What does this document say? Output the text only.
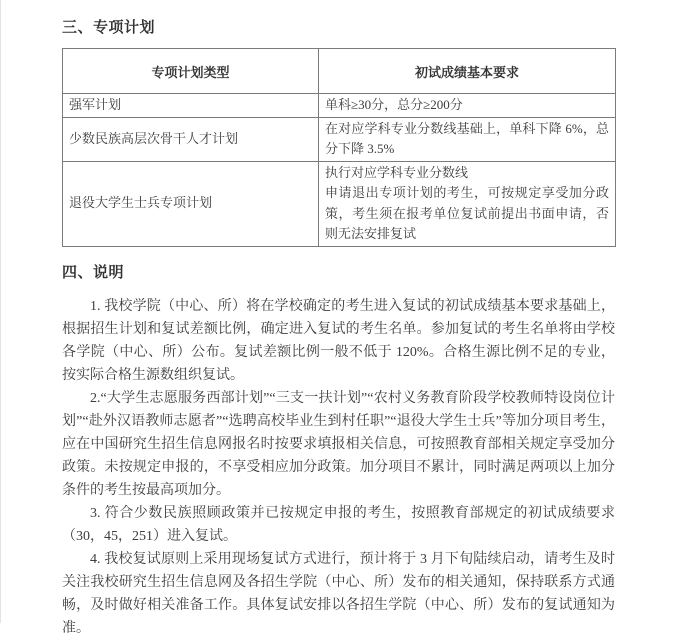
三、专项计划
专项计划类型	初试成绩基本要求
强军计划	单科≥30分，总分≥200分
少数民族高层次骨干人才计划	在对应学科专业分数线基础上，单科下降 6%，总分下降 3.5%
退役大学生士兵专项计划	执行对应学科专业分数线
申请退出专项计划的考生，可按规定享受加分政策，考生须在报考单位复试前提出书面申请，否则无法安排复试
四、说明

1. 我校学院（中心、所）将在学校确定的考生进入复试的初试成绩基本要求基础上，根据招生计划和复试差额比例，确定进入复试的考生名单。参加复试的考生名单将由学校各学院（中心、所）公布。复试差额比例一般不低于 120%。合格生源比例不足的专业，按实际合格生源数组织复试。

2.“大学生志愿服务西部计划”“三支一扶计划”“农村义务教育阶段学校教师特设岗位计划”“赴外汉语教师志愿者”“选聘高校毕业生到村任职”“退役大学生士兵”等加分项目考生，应在中国研究生招生信息网报名时按要求填报相关信息，可按照教育部相关规定享受加分政策。未按规定申报的，不享受相应加分政策。加分项目不累计，同时满足两项以上加分条件的考生按最高项加分。

3. 符合少数民族照顾政策并已按规定申报的考生，按照教育部规定的初试成绩要求（30，45，251）进入复试。

4. 我校复试原则上采用现场复试方式进行，预计将于 3 月下旬陆续启动，请考生及时关注我校研究生招生信息网及各招生学院（中心、所）发布的相关通知，保持联系方式通畅，及时做好相关准备工作。具体复试安排以各招生学院（中心、所）发布的复试通知为准。
